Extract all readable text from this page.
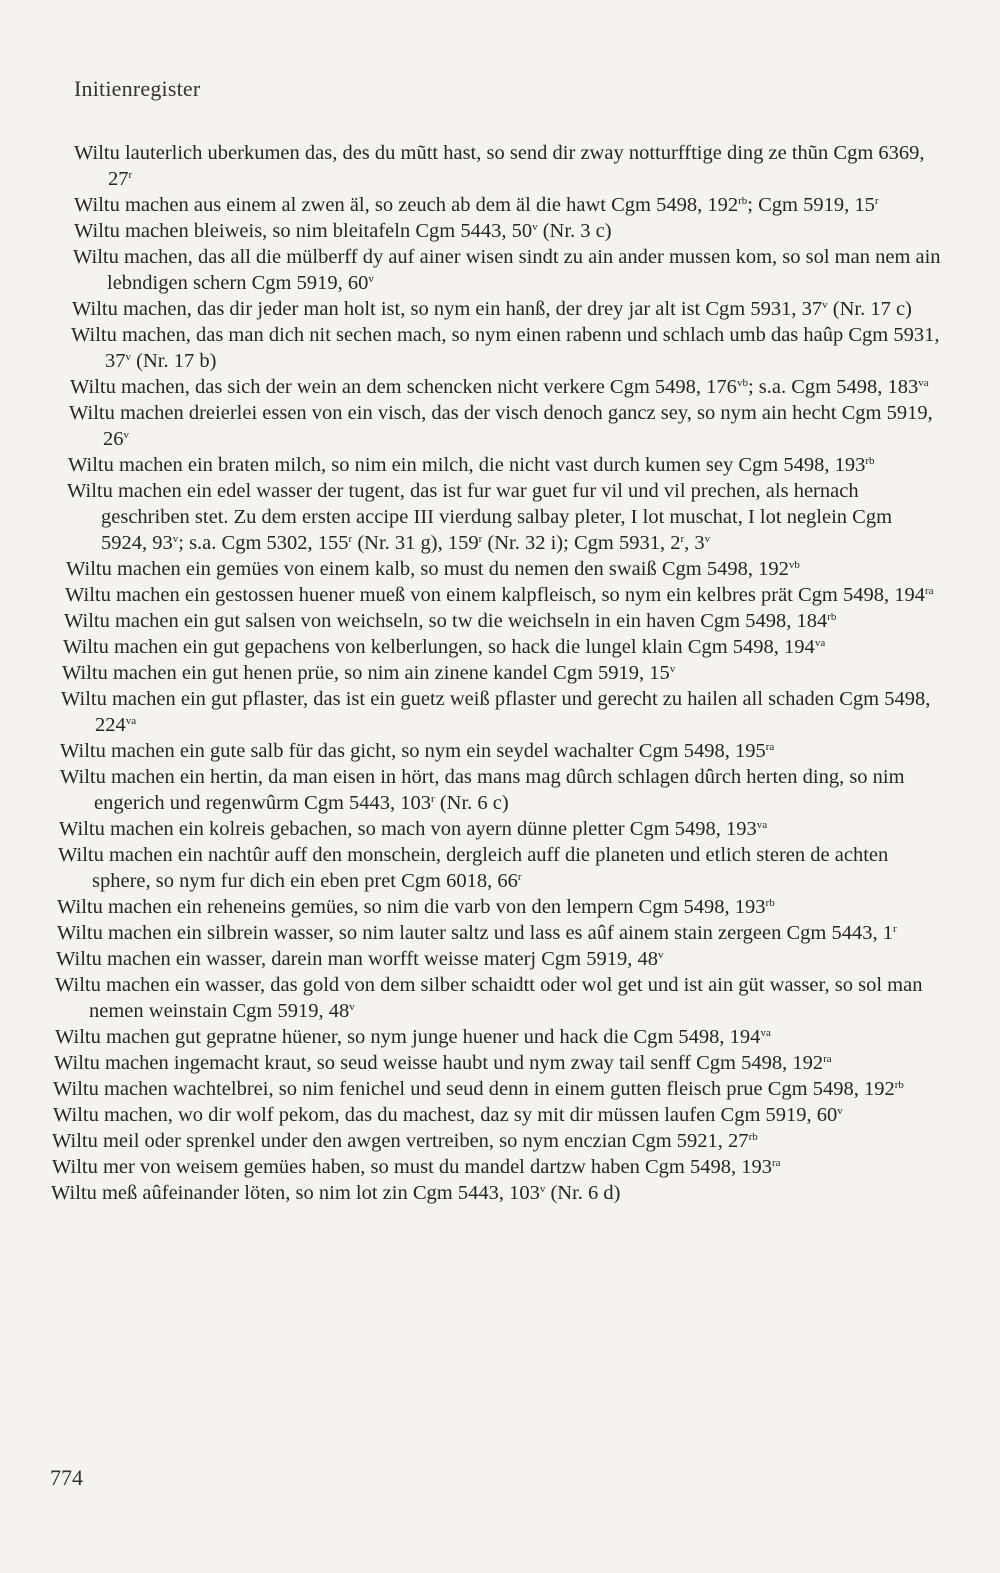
Initienregister

Wiltu lauterlich uberkumen das, des du mũtt hast, so send dir zway notturfftige ding ze thũn Cgm 6369, 27$^r$

Wiltu machen aus einem al zwen äl, so zeuch ab dem äl die hawt Cgm 5498, $192^{rb}$; Cgm 5919, 15$^r$

Wiltu machen bleiweis, so nim bleitafeln Cgm 5443, 50$^v$ (Nr. 3 c)

Wiltu machen, das all die mülberff dy auf ainer wisen sindt zu ain ander mussen kom, so sol man nem ain lebndigen schern Cgm 5919, 60$^v$

Wiltu machen, das dir jeder man holt ist, so nym ein hanß, der drey jar alt ist Cgm 5931, 37$^v$ (Nr. 17 c)

Wiltu machen, das man dich nit sechen mach, so nym einen rabenn und schlach umb das haûp Cgm 5931, 37$^v$ (Nr. 17 b)

Wiltu machen, das sich der wein an dem schencken nicht verkere Cgm 5498, $176^{vb}$; s.a. Cgm 5498, $183^{va}$

Wiltu machen dreierlei essen von ein visch, das der visch denoch gancz sey, so nym ain hecht Cgm 5919, 26$^v$

Wiltu machen ein braten milch, so nim ein milch, die nicht vast durch kumen sey Cgm 5498, $193^{rb}$

Wiltu machen ein edel wasser der tugent, das ist fur war guet fur vil und vil prechen, als hernach geschriben stet. Zu dem ersten accipe III vierdung salbay pleter, I lot muschat, I lot neglein Cgm 5924, 93$^v$; s.a. Cgm 5302, 155$^r$ (Nr. 31 g), 159$^r$ (Nr. 32 i); Cgm 5931, 2$^r$, 3$^v$

Wiltu machen ein gemües von einem kalb, so must du nemen den swaiß Cgm 5498, $192^{vb}$

Wiltu machen ein gestossen huener mueß von einem kalpfleisch, so nym ein kelbres prät Cgm 5498, $194^{ra}$

Wiltu machen ein gut salsen von weichseln, so tw die weichseln in ein haven Cgm 5498, $184^{rb}$

Wiltu machen ein gut gepachens von kelberlungen, so hack die lungel klain Cgm 5498, $194^{va}$

Wiltu machen ein gut henen prüe, so nim ain zinene kandel Cgm 5919, 15$^v$

Wiltu machen ein gut pflaster, das ist ein guetz weiß pflaster und gerecht zu hailen all schaden Cgm 5498, $224^{va}$

Wiltu machen ein gute salb für das gicht, so nym ein seydel wachalter Cgm 5498, $195^{ra}$

Wiltu machen ein hertin, da man eisen in hört, das mans mag dûrch schlagen dûrch herten ding, so nim engerich und regenwûrm Cgm 5443, 103$^r$ (Nr. 6 c)

Wiltu machen ein kolreis gebachen, so mach von ayern dünne pletter Cgm 5498, $193^{va}$

Wiltu machen ein nachtûr auff den monschein, dergleich auff die planeten und etlich steren de achten sphere, so nym fur dich ein eben pret Cgm 6018, 66$^r$

Wiltu machen ein reheneins gemües, so nim die varb von den lempern Cgm 5498, $193^{rb}$

Wiltu machen ein silbrein wasser, so nim lauter saltz und lass es aûf ainem stain zergeen Cgm 5443, 1$^r$

Wiltu machen ein wasser, darein man worfft weisse materj Cgm 5919, 48$^v$

Wiltu machen ein wasser, das gold von dem silber schaidtt oder wol get und ist ain güt wasser, so sol man nemen weinstain Cgm 5919, 48$^v$

Wiltu machen gut gepratne hüener, so nym junge huener und hack die Cgm 5498, $194^{va}$

Wiltu machen ingemacht kraut, so seud weisse haubt und nym zway tail senff Cgm 5498, $192^{ra}$

Wiltu machen wachtelbrei, so nim fenichel und seud denn in einem gutten fleisch prue Cgm 5498, $192^{rb}$

Wiltu machen, wo dir wolf pekom, das du machest, daz sy mit dir müssen laufen Cgm 5919, 60$^v$

Wiltu meil oder sprenkel under den awgen vertreiben, so nym enczian Cgm 5921, $27^{rb}$

Wiltu mer von weisem gemües haben, so must du mandel dartzw haben Cgm 5498, $193^{ra}$

Wiltu meß aûfeinander löten, so nim lot zin Cgm 5443, 103$^v$ (Nr. 6 d)

774
